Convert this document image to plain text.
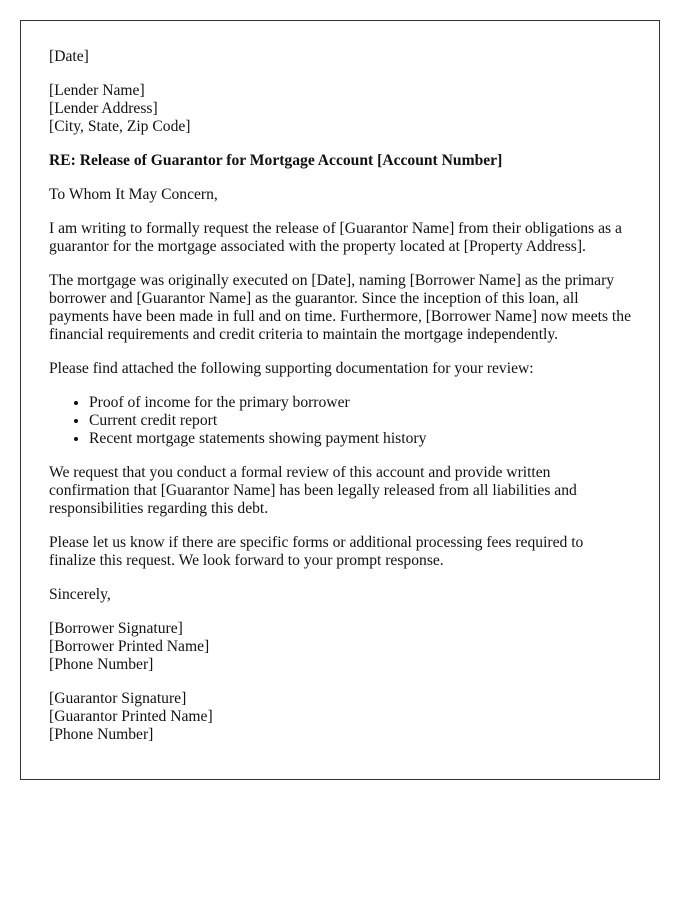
[Date]

[Lender Name]
[Lender Address]
[City, State, Zip Code]

RE: Release of Guarantor for Mortgage Account [Account Number]

To Whom It May Concern,

I am writing to formally request the release of [Guarantor Name] from their obligations as a guarantor for the mortgage associated with the property located at [Property Address].

The mortgage was originally executed on [Date], naming [Borrower Name] as the primary borrower and [Guarantor Name] as the guarantor. Since the inception of this loan, all payments have been made in full and on time. Furthermore, [Borrower Name] now meets the financial requirements and credit criteria to maintain the mortgage independently.

Please find attached the following supporting documentation for your review:

• Proof of income for the primary borrower
• Current credit report
• Recent mortgage statements showing payment history

We request that you conduct a formal review of this account and provide written confirmation that [Guarantor Name] has been legally released from all liabilities and responsibilities regarding this debt.

Please let us know if there are specific forms or additional processing fees required to finalize this request. We look forward to your prompt response.

Sincerely,

[Borrower Signature]
[Borrower Printed Name]
[Phone Number]
[Guarantor Signature]
[Guarantor Printed Name]
[Phone Number]
